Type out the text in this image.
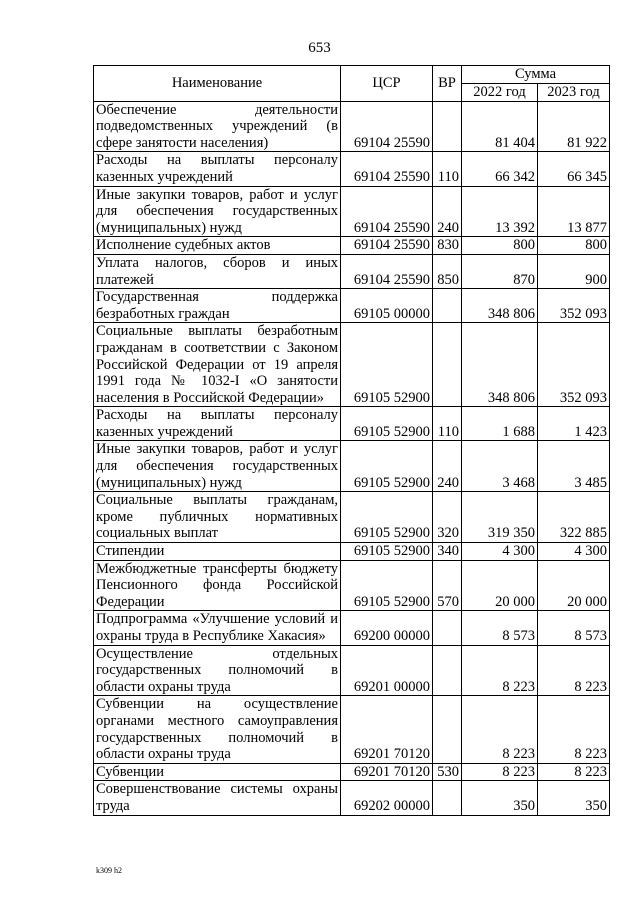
653
Наименование	ЦСР	ВР	Сумма	
			2022 год	2023 год
Обеспечение деятельности подведомственных учреждений (в сфере занятости населения)	69104 25590		81 404	81 922
Расходы на выплаты персоналу казенных учреждений	69104 25590	110	66 342	66 345
Иные закупки товаров, работ и услуг для обеспечения государственных (муниципальных) нужд	69104 25590	240	13 392	13 877
Исполнение судебных актов	69104 25590	830	800	800
Уплата налогов, сборов и иных платежей	69104 25590	850	870	900
Государственная поддержка безработных граждан	69105 00000		348 806	352 093
Социальные выплаты безработным гражданам в соответствии с Законом Российской Федерации от 19 апреля 1991 года № 1032-I «О занятости населения в Российской Федерации»	69105 52900		348 806	352 093
Расходы на выплаты персоналу казенных учреждений	69105 52900	110	1 688	1 423
Иные закупки товаров, работ и услуг для обеспечения государственных (муниципальных) нужд	69105 52900	240	3 468	3 485
Социальные выплаты гражданам, кроме публичных нормативных социальных выплат	69105 52900	320	319 350	322 885
Стипендии	69105 52900	340	4 300	4 300
Межбюджетные трансферты бюджету Пенсионного фонда Российской Федерации	69105 52900	570	20 000	20 000
Подпрограмма «Улучшение условий и охраны труда в Республике Хакасия»	69200 00000		8 573	8 573
Осуществление отдельных государственных полномочий в области охраны труда	69201 00000		8 223	8 223
Субвенции на осуществление органами местного самоуправления государственных полномочий в области охраны труда	69201 70120		8 223	8 223
Субвенции	69201 70120	530	8 223	8 223
Совершенствование системы охраны труда	69202 00000		350	350
k309 h2
